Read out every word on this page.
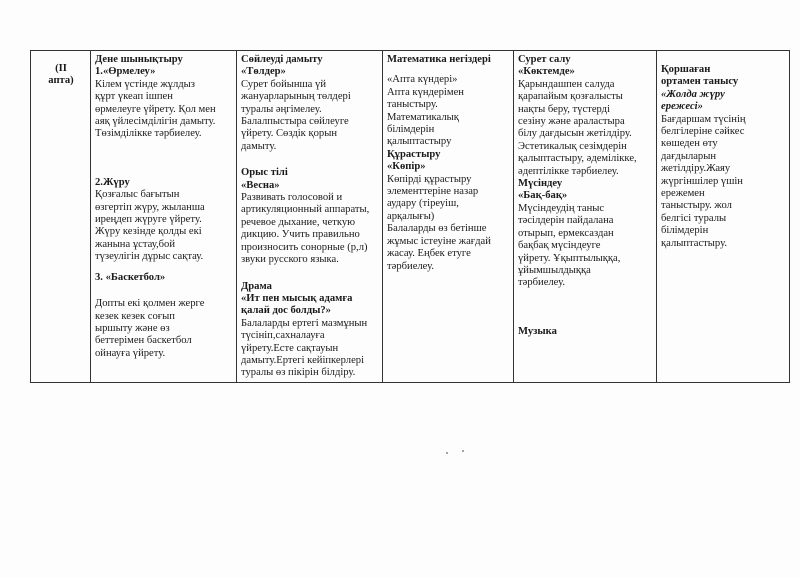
(ІІ
апта)

Дене шынықтыру
1.«Өрмелеу»
Кілем үстінде жұлдыз
құрт үкеап ішпен
өрмелеуге үйрету. Қол мен
аяқ үйлесімділігін дамыту.
Төзімділікке тәрбиелеу.
2.Жүру
Қозғалыс бағытын
өзгертіп жүру, жыланша
иреңдеп жүруге үйрету.
Жүру кезінде қолды екі
жанына ұстау,бой
түзеулігін дұрыс сақтау.
3. «Баскетбол»
Допты екі қолмен жерге
кезек кезек соғып
ыршыту және өз
беттерімен баскетбол
ойнауға үйрету.

Сөйлеуді дамыту
«Төлдер»
Сурет бойынша үй
жануарларының төлдері
туралы әңгімелеу.
Балалпыстыра сөйлеуге
үйрету. Сөздік қорын
дамыту.
Орыс тілі
«Весна»
Развивать голосовой и
артикуляционный аппараты,
речевое дыхание, четкую
дикцию. Учить правильно
произносить сонорные (р,л)
звуки русского языка.
Драма
«Ит пен мысық адамға
қалай дос болды?»
Балаларды ертегі мазмұнын
түсініп,сахналауға
үйрету.Есте сақтауын
дамыту.Ертегі кейіпкерлері
туралы өз пікірін білдіру.

Математика негіздері
«Апта күндері»
Апта күндерімен
таныстыру.
Математикалық
білімдерін
қалыптастыру
Құрастыру
«Көпір»
Көпірді құрастыру
элементтеріне назар
аудару (тіреуіш,
арқалығы)
Балаларды өз бетінше
жұмыс істеуіне жағдай
жасау. Еңбек етуге
тәрбиелеу.

Сурет салу
«Көктемде»
Қарындашпен салуда
қарапайым қозғалысты
нақты беру, түстерді
сезіну және араластыра
білу дағдысын жетілдіру.
Эстетикалық сезімдерін
қалыптастыру, әдемілікке,
әдептілікке тәрбиелеу.
Мүсіндеу
«Бақ-бақ»
Мүсіндеудің таныс
тәсілдерін пайдалана
отырып, ермексаздан
бақбақ мүсіндеуге
үйрету. Ұқыптылыққа,
ұйымшылдыққа
тәрбиелеу.
Музыка

Қоршаған
ортамен танысу
«Жолда жүру
ережесі»
Бағдаршам түсінің
белгілеріне сәйкес
көшеден өту
дағдыларын
жетілдіру.Жаяу
жүргіншілер үшін
ережемен
таныстыру. жол
белгісі туралы
білімдерін
қалыптастыру.
